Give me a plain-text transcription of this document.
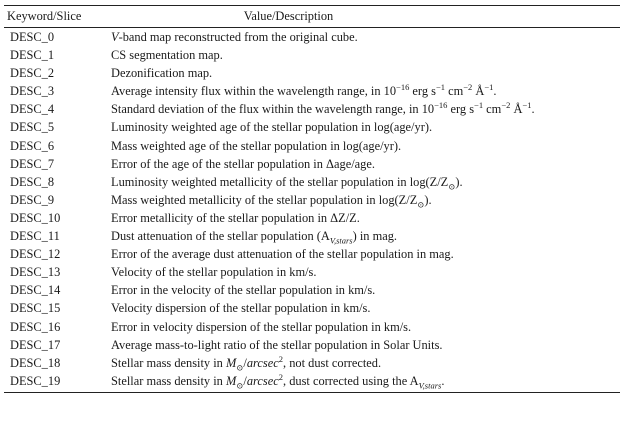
Keyword/Slice	Value/Description
DESC_0	V-band map reconstructed from the original cube.
DESC_1	CS segmentation map.
DESC_2	Dezonification map.
DESC_3	Average intensity flux within the wavelength range, in $10^{-16}$ erg $s^{-1}$ $cm^{-2}$ $Å^{-1}$.
DESC_4	Standard deviation of the flux within the wavelength range, in $10^{-16}$ erg $s^{-1}$ $cm^{-2}$ $Å^{-1}$.
DESC_5	Luminosity weighted age of the stellar population in log(age/yr).
DESC_6	Mass weighted age of the stellar population in log(age/yr).
DESC_7	Error of the age of the stellar population in Δage/age.
DESC_8	Luminosity weighted metallicity of the stellar population in $\log(Z/Z_⊙)$.
DESC_9	Mass weighted metallicity of the stellar population in $\log(Z/Z_⊙)$.
DESC_10	Error metallicity of the stellar population in ΔZ/Z.
DESC_11	Dust attenuation of the stellar population $(A_{V,stars})$ in mag.
DESC_12	Error of the average dust attenuation of the stellar population in mag.
DESC_13	Velocity of the stellar population in km/s.
DESC_14	Error in the velocity of the stellar population in km/s.
DESC_15	Velocity dispersion of the stellar population in km/s.
DESC_16	Error in velocity dispersion of the stellar population in km/s.
DESC_17	Average mass-to-light ratio of the stellar population in Solar Units.
DESC_18	Stellar mass density in $M_⊙/arcsec^2$, not dust corrected.
DESC_19	Stellar mass density in $M_⊙/arcsec^2$, dust corrected using the $A_{V,stars}$.
